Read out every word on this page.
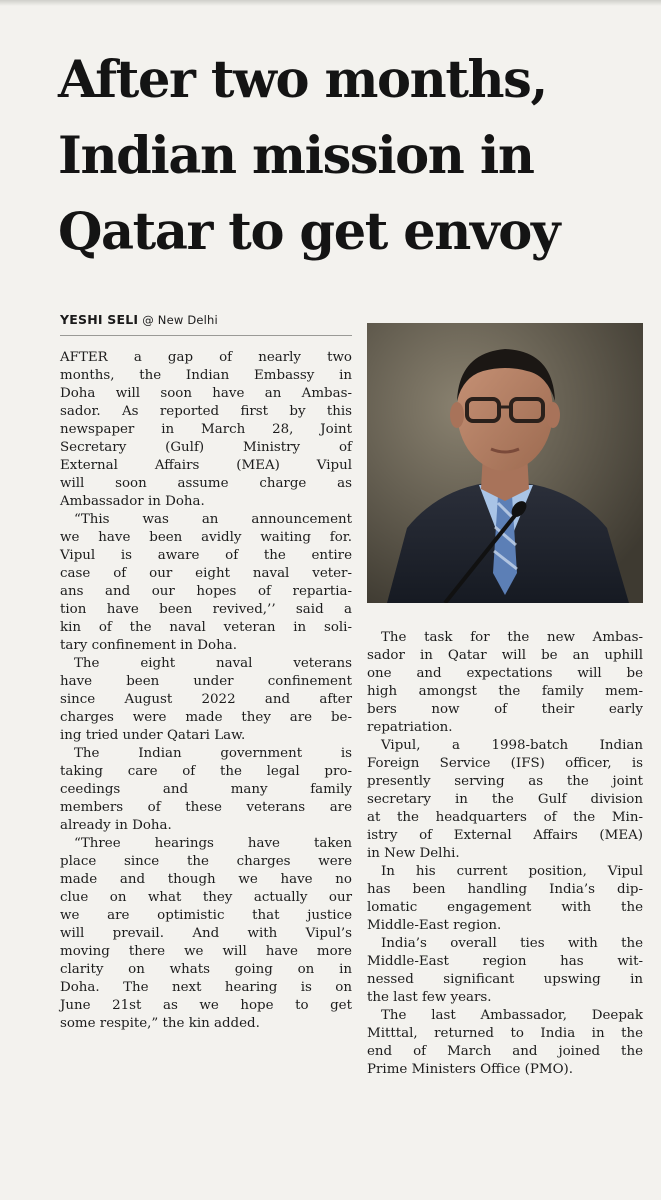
After two months,
Indian mission in
Qatar to get envoy
YESHI SELI @ New Delhi
AFTER a gap of nearly two
months, the Indian Embassy in
Doha will soon have an Ambas-
sador. As reported first by this
newspaper in March 28, Joint
Secretary (Gulf) Ministry of
External Affairs (MEA) Vipul
will soon assume charge as
Ambassador in Doha.
“This was an announcement
we have been avidly waiting for.
Vipul is aware of the entire
case of our eight naval veter-
ans and our hopes of repartia-
tion have been revived,’’ said a
kin of the naval veteran in soli-
tary confinement in Doha.
The eight naval veterans
have been under confinement
since August 2022 and after
charges were made they are be-
ing tried under Qatari Law.
The Indian government is
taking care of the legal pro-
ceedings and many family
members of these veterans are
already in Doha.
“Three hearings have taken
place since the charges were
made and though we have no
clue on what they actually our
we are optimistic that justice
will prevail. And with Vipul’s
moving there we will have more
clarity on whats going on in
Doha. The next hearing is on
June 21st as we hope to get
some respite,” the kin added.
The task for the new Ambas-
sador in Qatar will be an uphill
one and expectations will be
high amongst the family mem-
bers now of their early
repatriation.
Vipul, a 1998-batch Indian
Foreign Service (IFS) officer, is
presently serving as the joint
secretary in the Gulf division
at the headquarters of the Min-
istry of External Affairs (MEA)
in New Delhi.
In his current position, Vipul
has been handling India’s dip-
lomatic engagement with the
Middle-East region.
India’s overall ties with the
Middle-East region has wit-
nessed significant upswing in
the last few years.
The last Ambassador, Deepak
Mitttal, returned to India in the
end of March and joined the
Prime Ministers Office (PMO).
